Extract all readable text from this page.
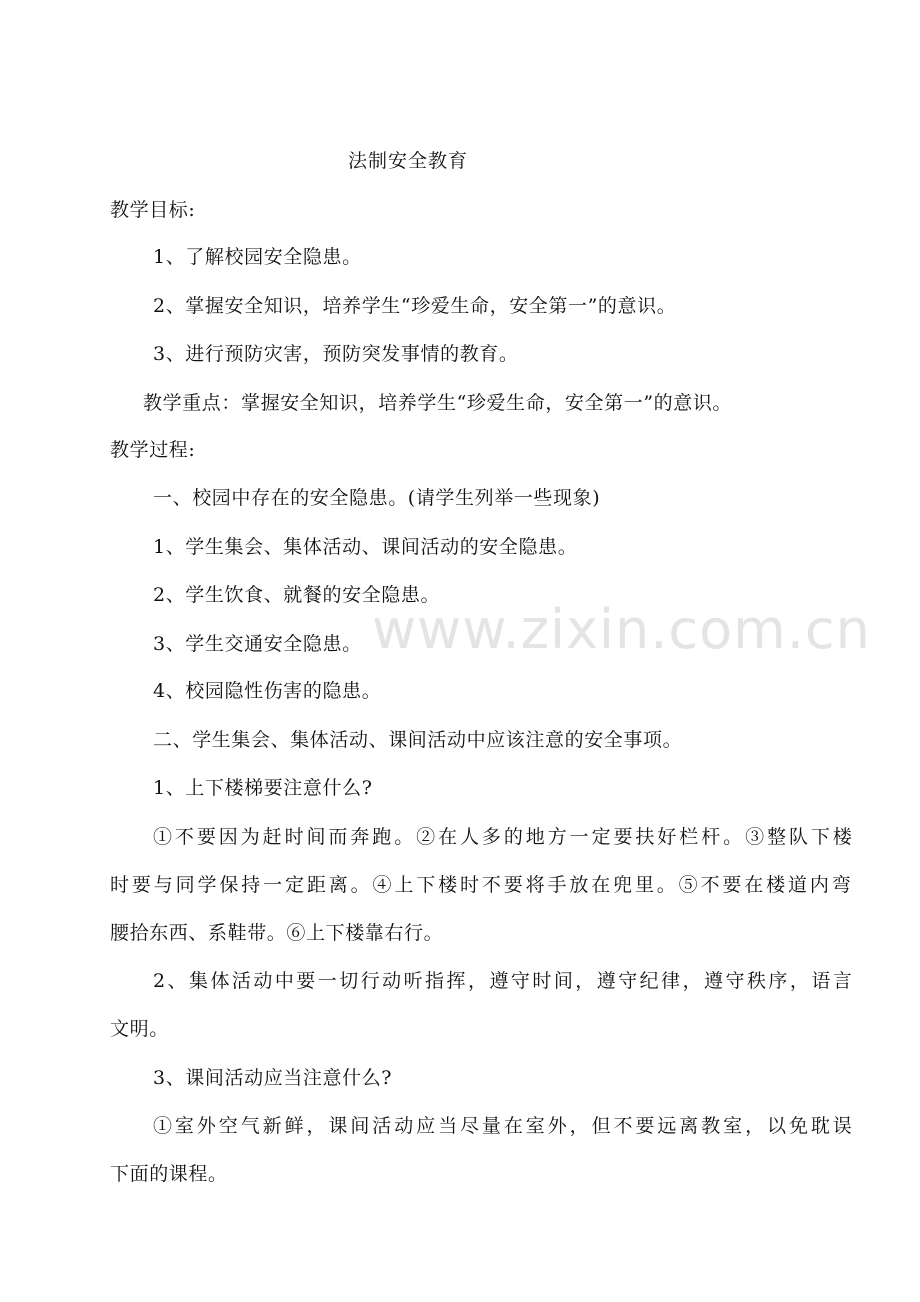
www.zixin.com.cn
法制安全教育
教学目标:
1、了解校园安全隐患。
2、掌握安全知识，培养学生“珍爱生命，安全第一”的意识。
3、进行预防灾害，预防突发事情的教育。
教学重点：掌握安全知识，培养学生“珍爱生命，安全第一”的意识。
教学过程:
一、校园中存在的安全隐患。(请学生列举一些现象)
1、学生集会、集体活动、课间活动的安全隐患。
2、学生饮食、就餐的安全隐患。
3、学生交通安全隐患。
4、校园隐性伤害的隐患。
二、学生集会、集体活动、课间活动中应该注意的安全事项。
1、上下楼梯要注意什么?
①不要因为赶时间而奔跑。②在人多的地方一定要扶好栏杆。③整队下楼
时要与同学保持一定距离。④上下楼时不要将手放在兜里。⑤不要在楼道内弯
腰拾东西、系鞋带。⑥上下楼靠右行。
2、集体活动中要一切行动听指挥，遵守时间，遵守纪律，遵守秩序，语言
文明。
3、课间活动应当注意什么?
①室外空气新鲜，课间活动应当尽量在室外，但不要远离教室，以免耽误
下面的课程。
